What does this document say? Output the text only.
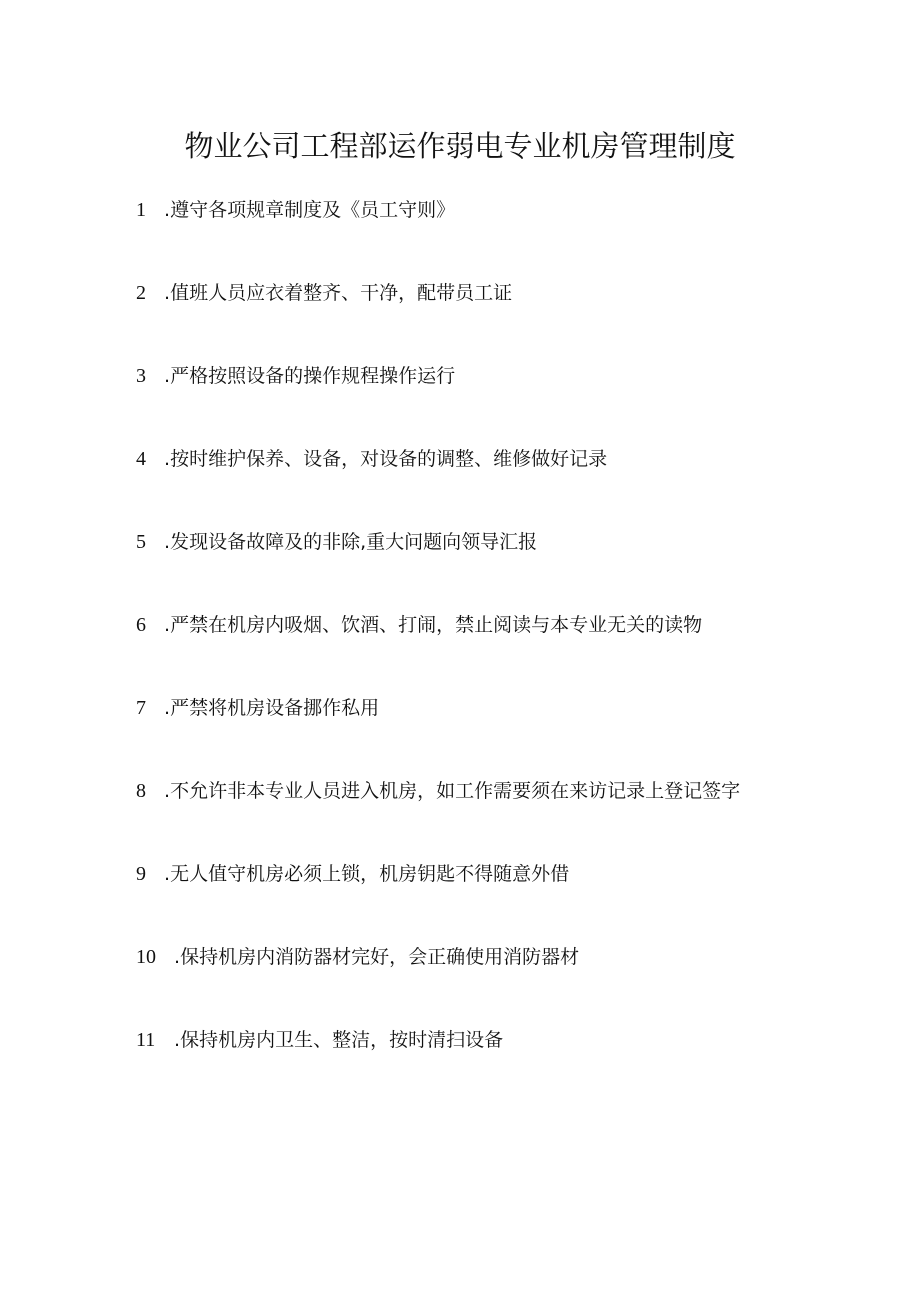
物业公司工程部运作弱电专业机房管理制度
1 .遵守各项规章制度及《员工守则》
2 .值班人员应衣着整齐、干净，配带员工证
3 .严格按照设备的操作规程操作运行
4 .按时维护保养、设备，对设备的调整、维修做好记录
5 .发现设备故障及的非除,重大问题向领导汇报
6 .严禁在机房内吸烟、饮酒、打闹，禁止阅读与本专业无关的读物
7 .严禁将机房设备挪作私用
8 .不允许非本专业人员进入机房，如工作需要须在来访记录上登记签字
9 .无人值守机房必须上锁，机房钥匙不得随意外借
10 .保持机房内消防器材完好，会正确使用消防器材
11 .保持机房内卫生、整洁，按时清扫设备
